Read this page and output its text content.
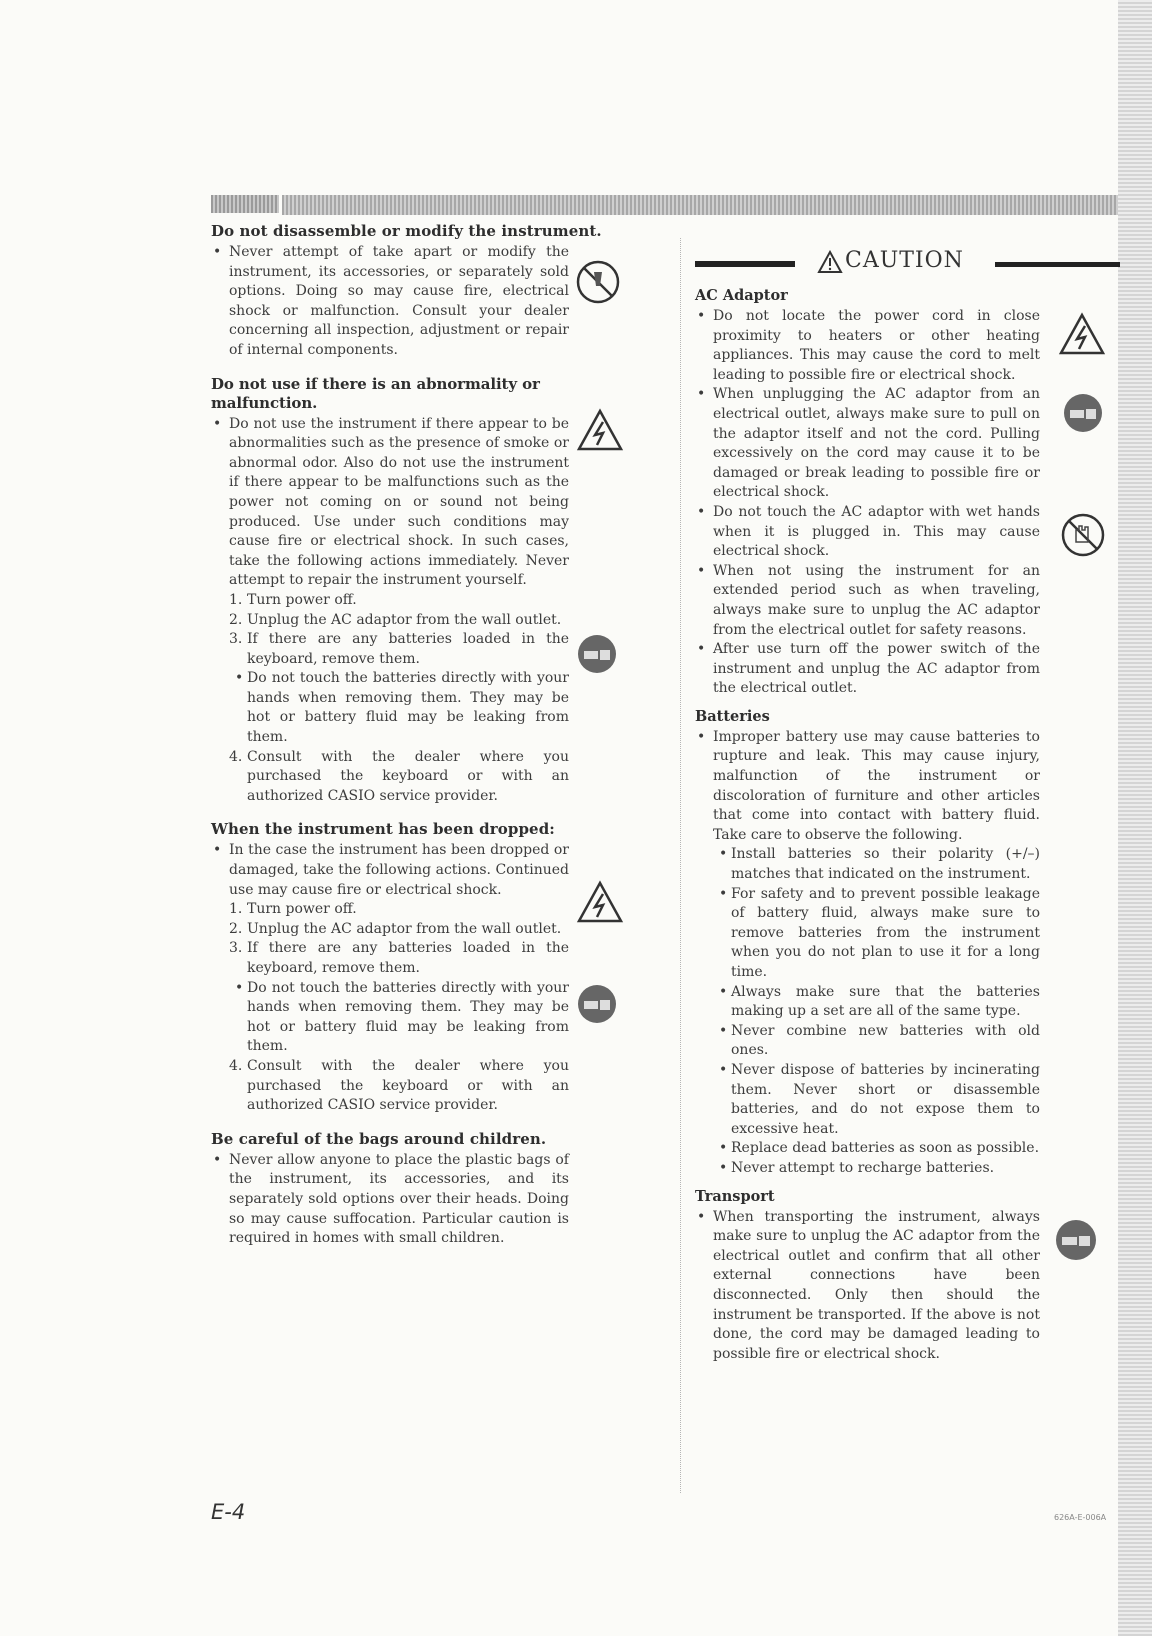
Do not disassemble or modify the instrument.
• Never attempt of take apart or modify the instrument, its accessories, or separately sold options. Doing so may cause fire, electrical shock or malfunction. Consult your dealer concerning all inspection, adjustment or repair of internal components.
Do not use if there is an abnormality or malfunction.
• Do not use the instrument if there appear to be abnormalities such as the presence of smoke or abnormal odor. Also do not use the instrument if there appear to be malfunctions such as the power not coming on or sound not being produced. Use under such conditions may cause fire or electrical shock. In such cases, take the following actions immediately. Never attempt to repair the instrument yourself.
1. Turn power off.
2. Unplug the AC adaptor from the wall outlet.
3. If there are any batteries loaded in the keyboard, remove them.
• Do not touch the batteries directly with your hands when removing them. They may be hot or battery fluid may be leaking from them.
4. Consult with the dealer where you purchased the keyboard or with an authorized CASIO service provider.
When the instrument has been dropped:
• In the case the instrument has been dropped or damaged, take the following actions. Continued use may cause fire or electrical shock.
1. Turn power off.
2. Unplug the AC adaptor from the wall outlet.
3. If there are any batteries loaded in the keyboard, remove them.
• Do not touch the batteries directly with your hands when removing them. They may be hot or battery fluid may be leaking from them.
4. Consult with the dealer where you purchased the keyboard or with an authorized CASIO service provider.
Be careful of the bags around children.
• Never allow anyone to place the plastic bags of the instrument, its accessories, and its separately sold options over their heads. Doing so may cause suffocation. Particular caution is required in homes with small children.
CAUTION
AC Adaptor
• Do not locate the power cord in close proximity to heaters or other heating appliances. This may cause the cord to melt leading to possible fire or electrical shock.
• When unplugging the AC adaptor from an electrical outlet, always make sure to pull on the adaptor itself and not the cord. Pulling excessively on the cord may cause it to be damaged or break leading to possible fire or electrical shock.
• Do not touch the AC adaptor with wet hands when it is plugged in. This may cause electrical shock.
• When not using the instrument for an extended period such as when traveling, always make sure to unplug the AC adaptor from the electrical outlet for safety reasons.
• After use turn off the power switch of the instrument and unplug the AC adaptor from the electrical outlet.
Batteries
• Improper battery use may cause batteries to rupture and leak. This may cause injury, malfunction of the instrument or discoloration of furniture and other articles that come into contact with battery fluid. Take care to observe the following.
• Install batteries so their polarity (+/–) matches that indicated on the instrument.
• For safety and to prevent possible leakage of battery fluid, always make sure to remove batteries from the instrument when you do not plan to use it for a long time.
• Always make sure that the batteries making up a set are all of the same type.
• Never combine new batteries with old ones.
• Never dispose of batteries by incinerating them. Never short or disassemble batteries, and do not expose them to excessive heat.
• Replace dead batteries as soon as possible.
• Never attempt to recharge batteries.
Transport
• When transporting the instrument, always make sure to unplug the AC adaptor from the electrical outlet and confirm that all other external connections have been disconnected. Only then should the instrument be transported. If the above is not done, the cord may be damaged leading to possible fire or electrical shock.
E-4	626A-E-006A
